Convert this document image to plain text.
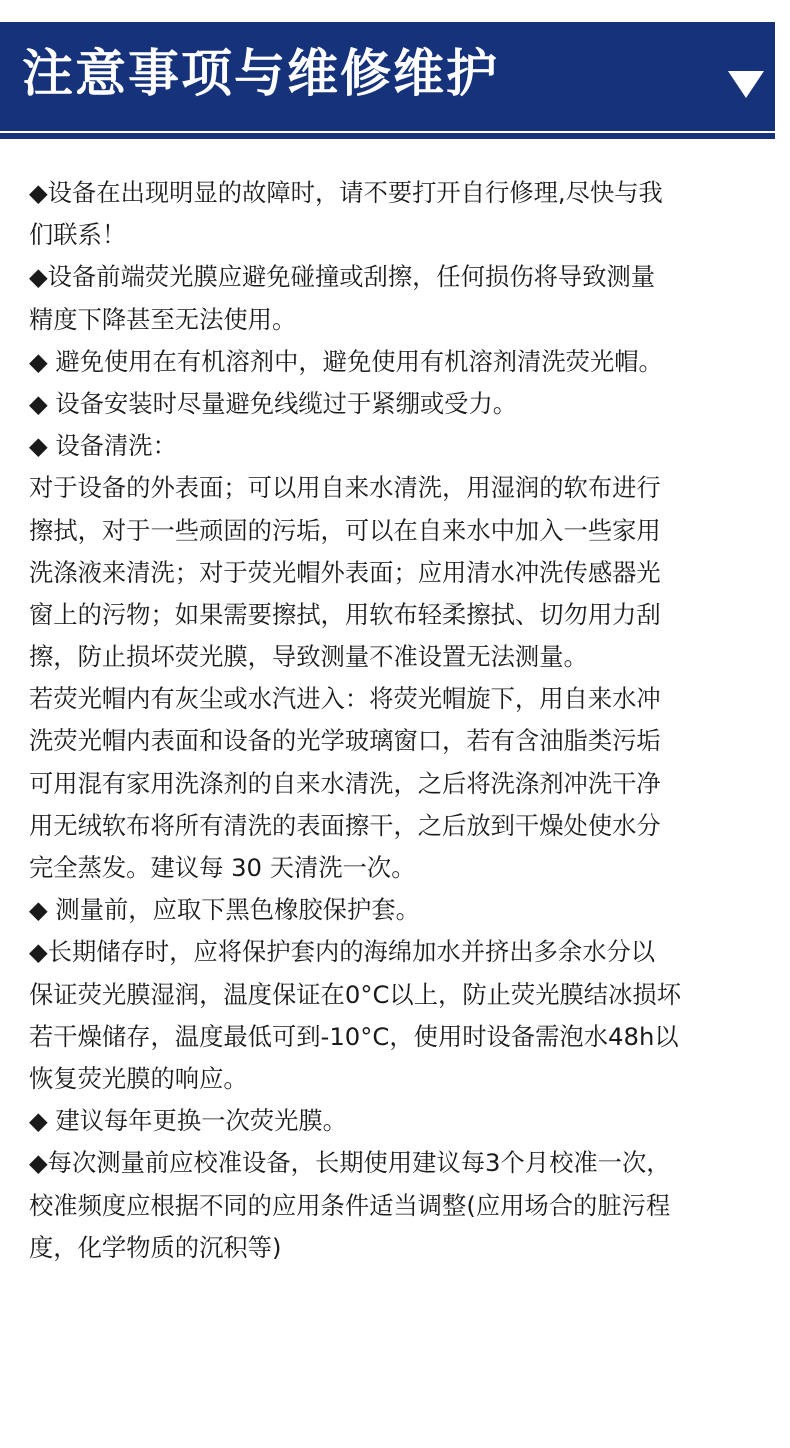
注意事项与维修维护
◆设备在出现明显的故障时，请不要打开自行修理,尽快与我
们联系！
◆设备前端荧光膜应避免碰撞或刮擦，任何损伤将导致测量
精度下降甚至无法使用。
◆ 避免使用在有机溶剂中，避免使用有机溶剂清洗荧光帽。
◆ 设备安装时尽量避免线缆过于紧绷或受力。
◆ 设备清洗：
对于设备的外表面；可以用自来水清洗，用湿润的软布进行
擦拭，对于一些顽固的污垢，可以在自来水中加入一些家用
洗涤液来清洗；对于荧光帽外表面；应用清水冲洗传感器光
窗上的污物；如果需要擦拭，用软布轻柔擦拭、切勿用力刮
擦，防止损坏荧光膜，导致测量不准设置无法测量。
若荧光帽内有灰尘或水汽进入：将荧光帽旋下，用自来水冲
洗荧光帽内表面和设备的光学玻璃窗口，若有含油脂类污垢
可用混有家用洗涤剂的自来水清洗，之后将洗涤剂冲洗干净
用无绒软布将所有清洗的表面擦干，之后放到干燥处使水分
完全蒸发。建议每 30 天清洗一次。
◆ 测量前，应取下黑色橡胶保护套。
◆长期储存时，应将保护套内的海绵加水并挤出多余水分以
保证荧光膜湿润，温度保证在0°C以上，防止荧光膜结冰损坏
若干燥储存，温度最低可到-10°C，使用时设备需泡水48h以
恢复荧光膜的响应。
◆ 建议每年更换一次荧光膜。
◆每次测量前应校准设备，长期使用建议每3个月校准一次，
校准频度应根据不同的应用条件适当调整(应用场合的脏污程
度，化学物质的沉积等)
